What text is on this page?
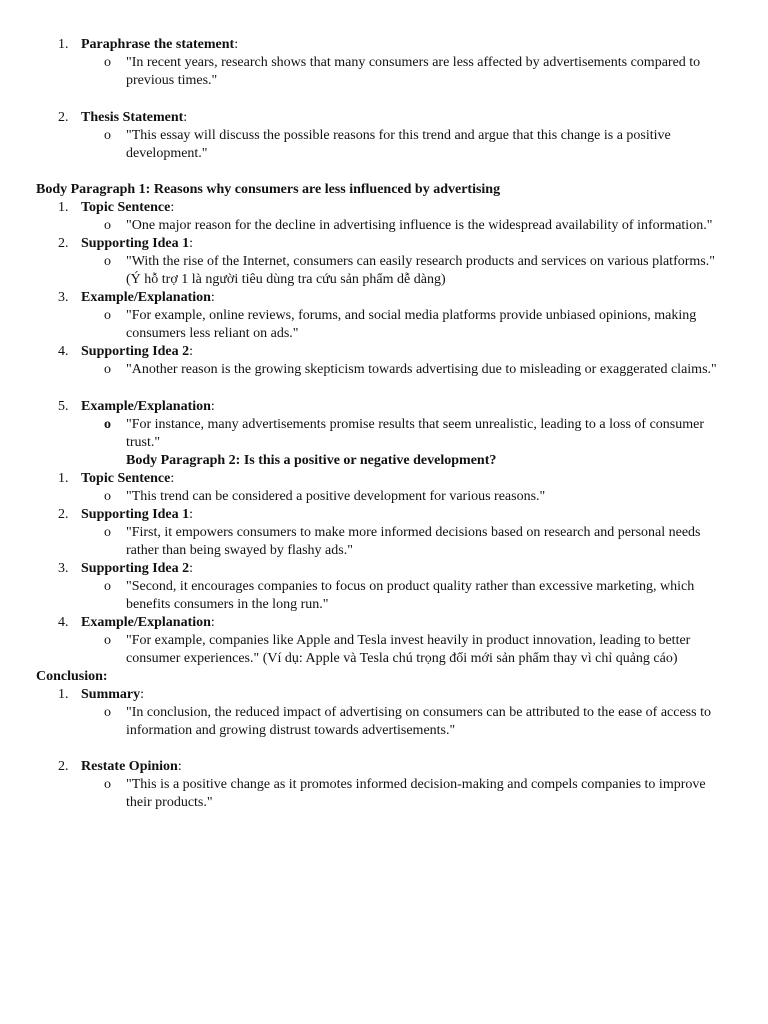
1. Paraphrase the statement:
o	"In recent years, research shows that many consumers are less affected by advertisements compared to previous times."
2. Thesis Statement:
o	"This essay will discuss the possible reasons for this trend and argue that this change is a positive development."
Body Paragraph 1: Reasons why consumers are less influenced by advertising
1. Topic Sentence:
o	"One major reason for the decline in advertising influence is the widespread availability of information."
2. Supporting Idea 1:
o	"With the rise of the Internet, consumers can easily research products and services on various platforms." (Ý hỗ trợ 1 là người tiêu dùng tra cứu sản phẩm dễ dàng)
3. Example/Explanation:
o	"For example, online reviews, forums, and social media platforms provide unbiased opinions, making consumers less reliant on ads."
4. Supporting Idea 2:
o	"Another reason is the growing skepticism towards advertising due to misleading or exaggerated claims."
5. Example/Explanation:
o	"For instance, many advertisements promise results that seem unrealistic, leading to a loss of consumer trust."
Body Paragraph 2: Is this a positive or negative development?
1. Topic Sentence:
o	"This trend can be considered a positive development for various reasons."
2. Supporting Idea 1:
o	"First, it empowers consumers to make more informed decisions based on research and personal needs rather than being swayed by flashy ads."
3. Supporting Idea 2:
o	"Second, it encourages companies to focus on product quality rather than excessive marketing, which benefits consumers in the long run."
4. Example/Explanation:
o	"For example, companies like Apple and Tesla invest heavily in product innovation, leading to better consumer experiences." (Ví dụ: Apple và Tesla chú trọng đổi mới sản phẩm thay vì chỉ quảng cáo)
Conclusion:
1. Summary:
o	"In conclusion, the reduced impact of advertising on consumers can be attributed to the ease of access to information and growing distrust towards advertisements."
2. Restate Opinion:
o	"This is a positive change as it promotes informed decision-making and compels companies to improve their products."
